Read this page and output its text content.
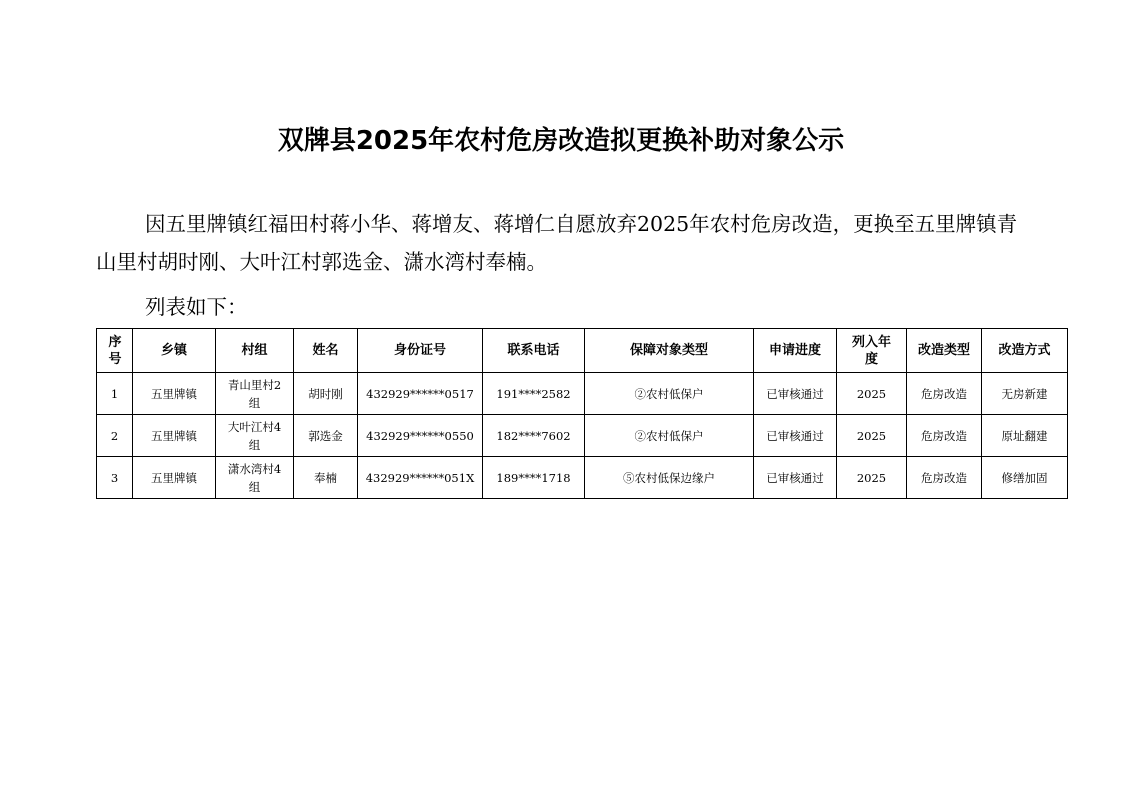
双牌县2025年农村危房改造拟更换补助对象公示
因五里牌镇红福田村蒋小华、蒋增友、蒋增仁自愿放弃2025年农村危房改造，更换至五里牌镇青山里村胡时刚、大叶江村郭选金、潇水湾村奉楠。
列表如下：
序号	乡镇	村组	姓名	身份证号	联系电话	保障对象类型	申请进度	列入年度	改造类型	改造方式
1	五里牌镇	青山里村2组	胡时刚	432929******0517	191****2582	②农村低保户	已审核通过	2025	危房改造	无房新建
2	五里牌镇	大叶江村4组	郭选金	432929******0550	182****7602	②农村低保户	已审核通过	2025	危房改造	原址翻建
3	五里牌镇	潇水湾村4组	奉楠	432929******051X	189****1718	⑤农村低保边缘户	已审核通过	2025	危房改造	修缮加固
